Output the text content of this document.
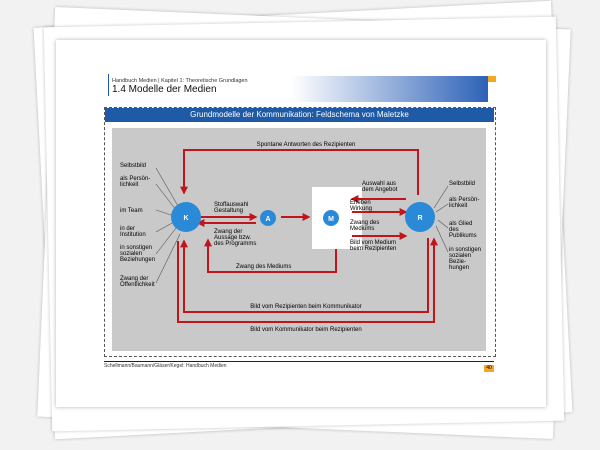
Handbuch Medien | Kapitel 1: Theoretische Grundlagen
1.4 Modelle der Medien
Grundmodelle der Kommunikation: Feldschema von Maletzke
Spontane Antworten des Rezipienten
Stoffauswahl
Gestaltung
Zwang der
Aussage bzw.
des Programms
Auswahl aus
dem Angebot
Erleben
Wirkung
Zwang des
Mediums
Bild vom Medium
beim Rezipienten
Zwang des Mediums
Bild vom Rezipienten beim Kommunikator
Bild vom Kommunikator beim Rezipienten
Selbstbild
als Persön-
lichkeit
im Team
in der
Institution
in sonstigen
sozialen
Beziehungen
Zwang der
Öffentlichkeit
Selbstbild
als Persön-
lichkeit
als Glied
des
Publikums
in sonstigen
sozialen
Bezie-
hungen
K	A	M	R
Schellmann/Baumann/Gläser/Kegel: Handbuch Medien	40
